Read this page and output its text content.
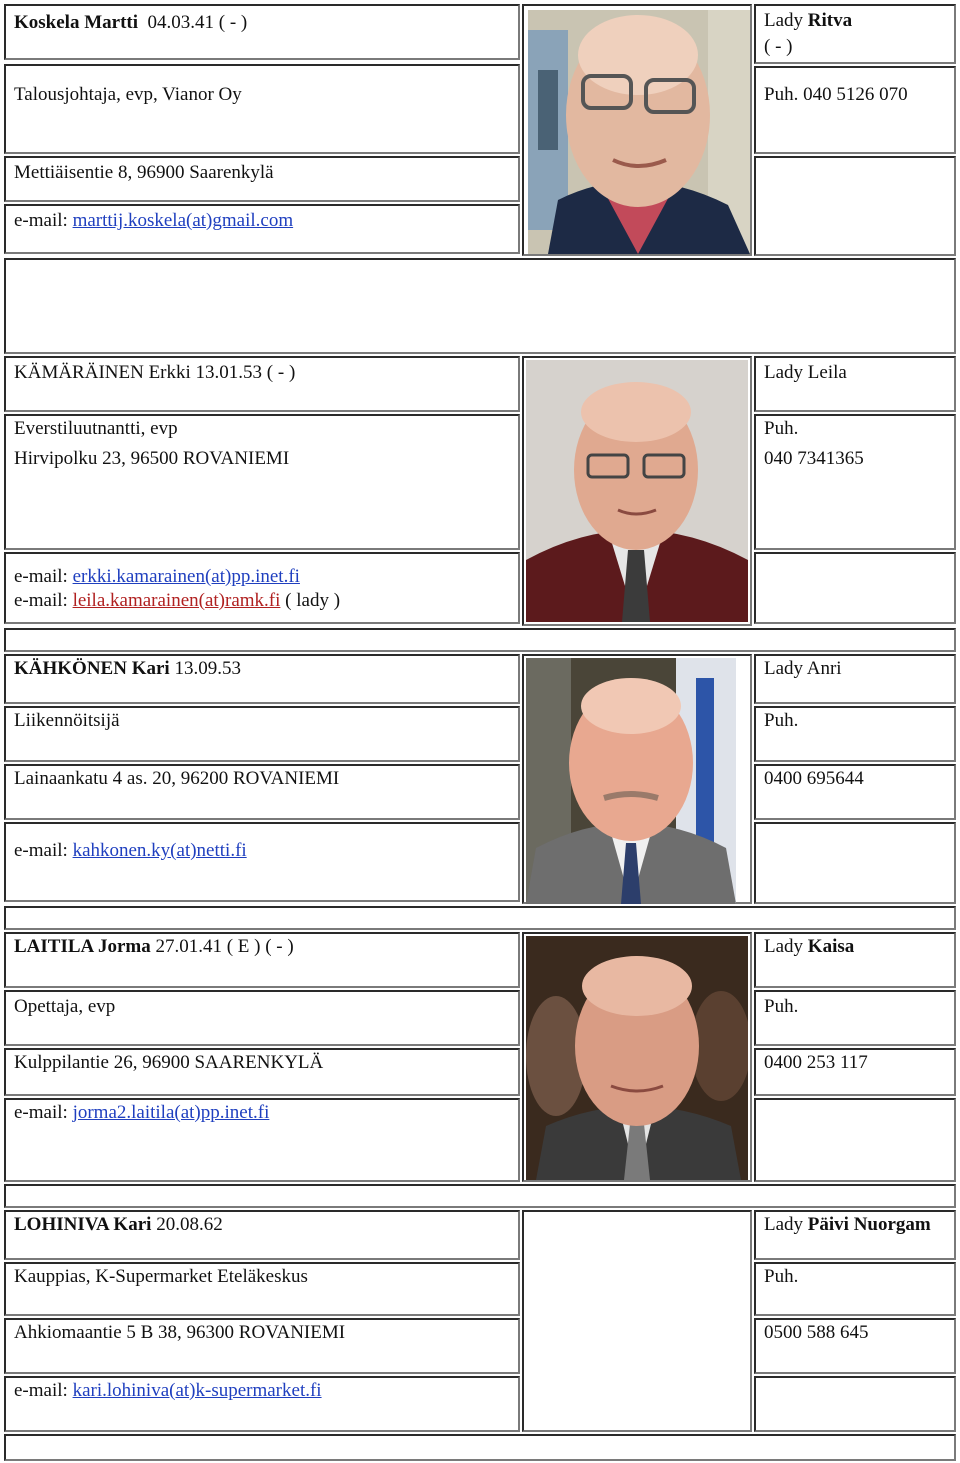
Koskela Martti  04.03.41 ( - )
Talousjohtaja, evp, Vianor Oy
Mettiäisentie 8, 96900 Saarenkylä
e-mail: marttij.koskela(at)gmail.com
Lady Ritva
( - )
Puh. 040 5126 070
KÄMÄRÄINEN Erkki 13.01.53 ( - )
Everstiluutnantti, evp
Hirvipolku 23, 96500 ROVANIEMI
e-mail: erkki.kamarainen(at)pp.inet.fi
e-mail: leila.kamarainen(at)ramk.fi ( lady )
Lady Leila
Puh.
040 7341365
KÄHKÖNEN Kari 13.09.53
Liikennöitsijä
Lainaankatu 4 as. 20, 96200 ROVANIEMI
e-mail: kahkonen.ky(at)netti.fi
Lady Anri
Puh.
0400 695644
LAITILA Jorma 27.01.41 ( E ) ( - )
Opettaja, evp
Kulppilantie 26, 96900 SAARENKYLÄ
e-mail: jorma2.laitila(at)pp.inet.fi
Lady Kaisa
Puh.
0400 253 117
LOHINIVA Kari 20.08.62
Kauppias, K-Supermarket Eteläkeskus
Ahkiomaantie 5 B 38, 96300 ROVANIEMI
e-mail: kari.lohiniva(at)k-supermarket.fi
Lady Päivi Nuorgam
Puh.
0500 588 645
